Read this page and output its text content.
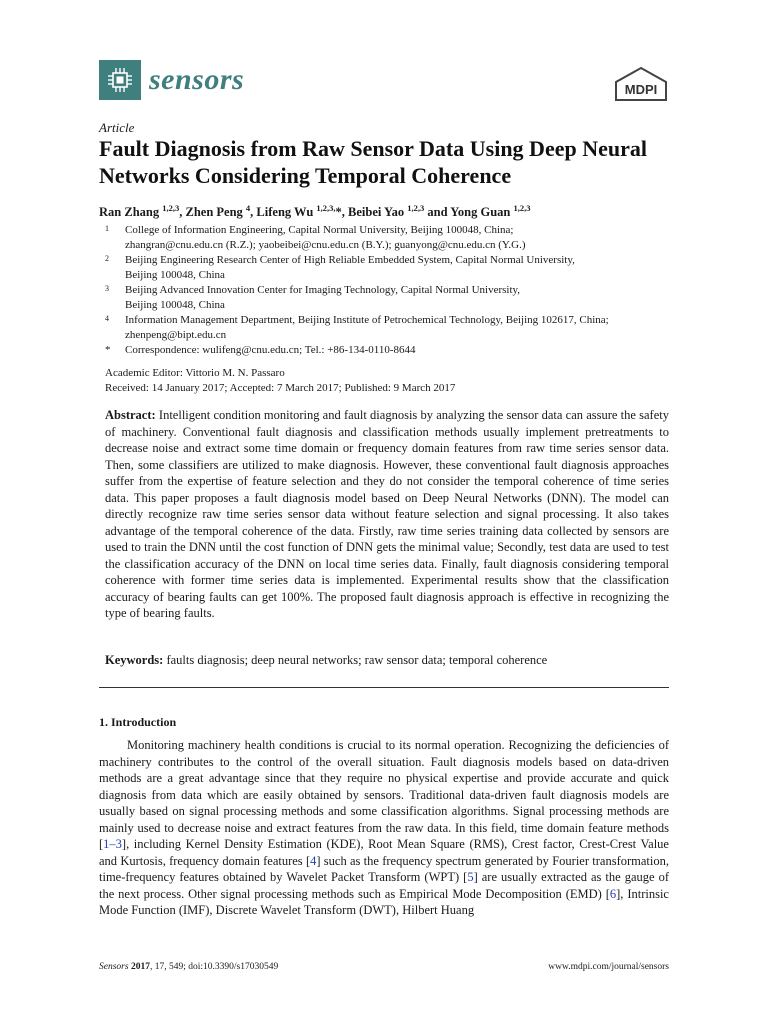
sensors	MDPI
Article
Fault Diagnosis from Raw Sensor Data Using Deep Neural Networks Considering Temporal Coherence
Ran Zhang $^{1,2,3}$, Zhen Peng $^4$, Lifeng Wu $^{1,2,3,}$*, Beibei Yao $^{1,2,3}$ and Yong Guan $^{1,2,3}$
1	College of Information Engineering, Capital Normal University, Beijing 100048, China;
zhangran@cnu.edu.cn (R.Z.); yaobeibei@cnu.edu.cn (B.Y.); guanyong@cnu.edu.cn (Y.G.)
2	Beijing Engineering Research Center of High Reliable Embedded System, Capital Normal University,
Beijing 100048, China
3	Beijing Advanced Innovation Center for Imaging Technology, Capital Normal University,
Beijing 100048, China
4	Information Management Department, Beijing Institute of Petrochemical Technology, Beijing 102617, China;
zhenpeng@bipt.edu.cn
*	Correspondence: wulifeng@cnu.edu.cn; Tel.: +86-134-0110-8644
Academic Editor: Vittorio M. N. Passaro
Received: 14 January 2017; Accepted: 7 March 2017; Published: 9 March 2017

Abstract: Intelligent condition monitoring and fault diagnosis by analyzing the sensor data can assure the safety of machinery. Conventional fault diagnosis and classification methods usually implement pretreatments to decrease noise and extract some time domain or frequency domain features from raw time series sensor data. Then, some classifiers are utilized to make diagnosis. However, these conventional fault diagnosis approaches suffer from the expertise of feature selection and they do not consider the temporal coherence of time series data. This paper proposes a fault diagnosis model based on Deep Neural Networks (DNN). The model can directly recognize raw time series sensor data without feature selection and signal processing. It also takes advantage of the temporal coherence of the data. Firstly, raw time series training data collected by sensors are used to train the DNN until the cost function of DNN gets the minimal value; Secondly, test data are used to test the classification accuracy of the DNN on local time series data. Finally, fault diagnosis considering temporal coherence with former time series data is implemented. Experimental results show that the classification accuracy of bearing faults can get 100%. The proposed fault diagnosis approach is effective in recognizing the type of bearing faults.

Keywords: faults diagnosis; deep neural networks; raw sensor data; temporal coherence

1. Introduction

Monitoring machinery health conditions is crucial to its normal operation. Recognizing the deficiencies of machinery contributes to the control of the overall situation. Fault diagnosis models based on data-driven methods are a great advantage since that they require no physical expertise and provide accurate and quick diagnosis from data which are easily obtained by sensors. Traditional data-driven fault diagnosis models are usually based on signal processing methods and some classification algorithms. Signal processing methods are mainly used to decrease noise and extract features from the raw data. In this field, time domain feature methods [1–3], including Kernel Density Estimation (KDE), Root Mean Square (RMS), Crest factor, Crest-Crest Value and Kurtosis, frequency domain features [4] such as the frequency spectrum generated by Fourier transformation, time-frequency features obtained by Wavelet Packet Transform (WPT) [5] are usually extracted as the gauge of the next process. Other signal processing methods such as Empirical Mode Decomposition (EMD) [6], Intrinsic Mode Function (IMF), Discrete Wavelet Transform (DWT), Hilbert Huang

Sensors 2017, 17, 549; doi:10.3390/s17030549	www.mdpi.com/journal/sensors
